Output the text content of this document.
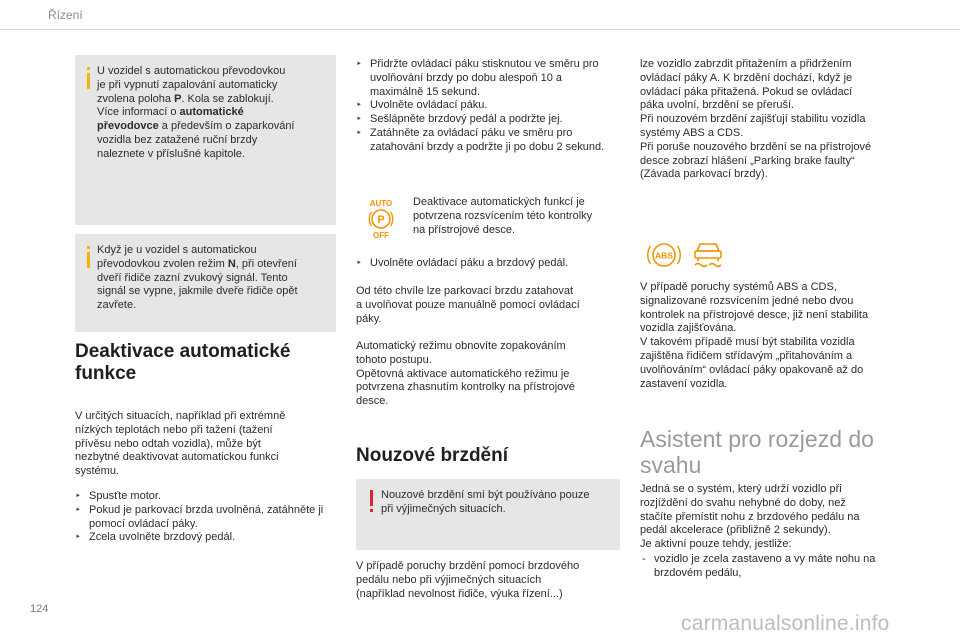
Řízení
U vozidel s automatickou převodovkou
je při vypnutí zapalování automaticky
zvolena poloha P. Kola se zablokují.
Více informací o automatické
převodovce a především o zaparkování
vozidla bez zatažené ruční brzdy
naleznete v příslušné kapitole.
Když je u vozidel s automatickou
převodovkou zvolen režim N, při otevření
dveří řidiče zazní zvukový signál. Tento
signál se vypne, jakmile dveře řidiče opět
zavřete.
Deaktivace automatické
funkce
V určitých situacích, například při extrémně
nízkých teplotách nebo při tažení (tažení
přívěsu nebo odtah vozidla), může být
nezbytné deaktivovat automatickou funkci
systému.
‣ Spusťte motor.
‣ Pokud je parkovací brzda uvolněná, zatáhněte ji pomocí ovládací páky.
‣ Zcela uvolněte brzdový pedál.
‣ Přidržte ovládací páku stisknutou ve směru pro uvolňování brzdy po dobu alespoň 10 a maximálně 15 sekund.
‣ Uvolněte ovládací páku.
‣ Sešlápněte brzdový pedál a podržte jej.
‣ Zatáhněte za ovládací páku ve směru pro zatahování brzdy a podržte ji po dobu 2 sekund.
AUTO
P
OFF
Deaktivace automatických funkcí je
potvrzena rozsvícením této kontrolky
na přístrojové desce.
‣ Uvolněte ovládací páku a brzdový pedál.
Od této chvíle lze parkovací brzdu zatahovat
a uvolňovat pouze manuálně pomocí ovládací
páky.
Automatický režimu obnovíte zopakováním
tohoto postupu.
Opětovná aktivace automatického režimu je
potvrzena zhasnutím kontrolky na přístrojové
desce.
Nouzové brzdění
Nouzové brzdění smí být používáno pouze
při výjimečných situacích.
V případě poruchy brzdění pomocí brzdového
pedálu nebo při výjimečných situacích
(například nevolnost řidiče, výuka řízení...)
lze vozidlo zabrzdit přitažením a přidržením
ovládací páky A. K brzdění dochází, když je
ovládací páka přitažená. Pokud se ovládací
páka uvolní, brzdění se přeruší.
Při nouzovém brzdění zajišťují stabilitu vozidla
systémy ABS a CDS.
Při poruše nouzového brzdění se na přístrojové
desce zobrazí hlášení „Parking brake faulty“
(Závada parkovací brzdy).
ABS
V případě poruchy systémů ABS a CDS,
signalizované rozsvícením jedné nebo dvou
kontrolek na přístrojové desce, již není stabilita
vozidla zajišťována.
V takovém případě musí být stabilita vozidla
zajištěna řidičem střídavým „přitahováním a
uvolňováním“ ovládací páky opakovaně až do
zastavení vozidla.
Asistent pro rozjezd do
svahu
Jedná se o systém, který udrží vozidlo při
rozjíždění do svahu nehybné do doby, než
stačíte přemístit nohu z brzdového pedálu na
pedál akcelerace (přibližně 2 sekundy).
Je aktivní pouze tehdy, jestliže:
- vozidlo je zcela zastaveno a vy máte nohu na brzdovém pedálu,
124
carmanualsonline.info
